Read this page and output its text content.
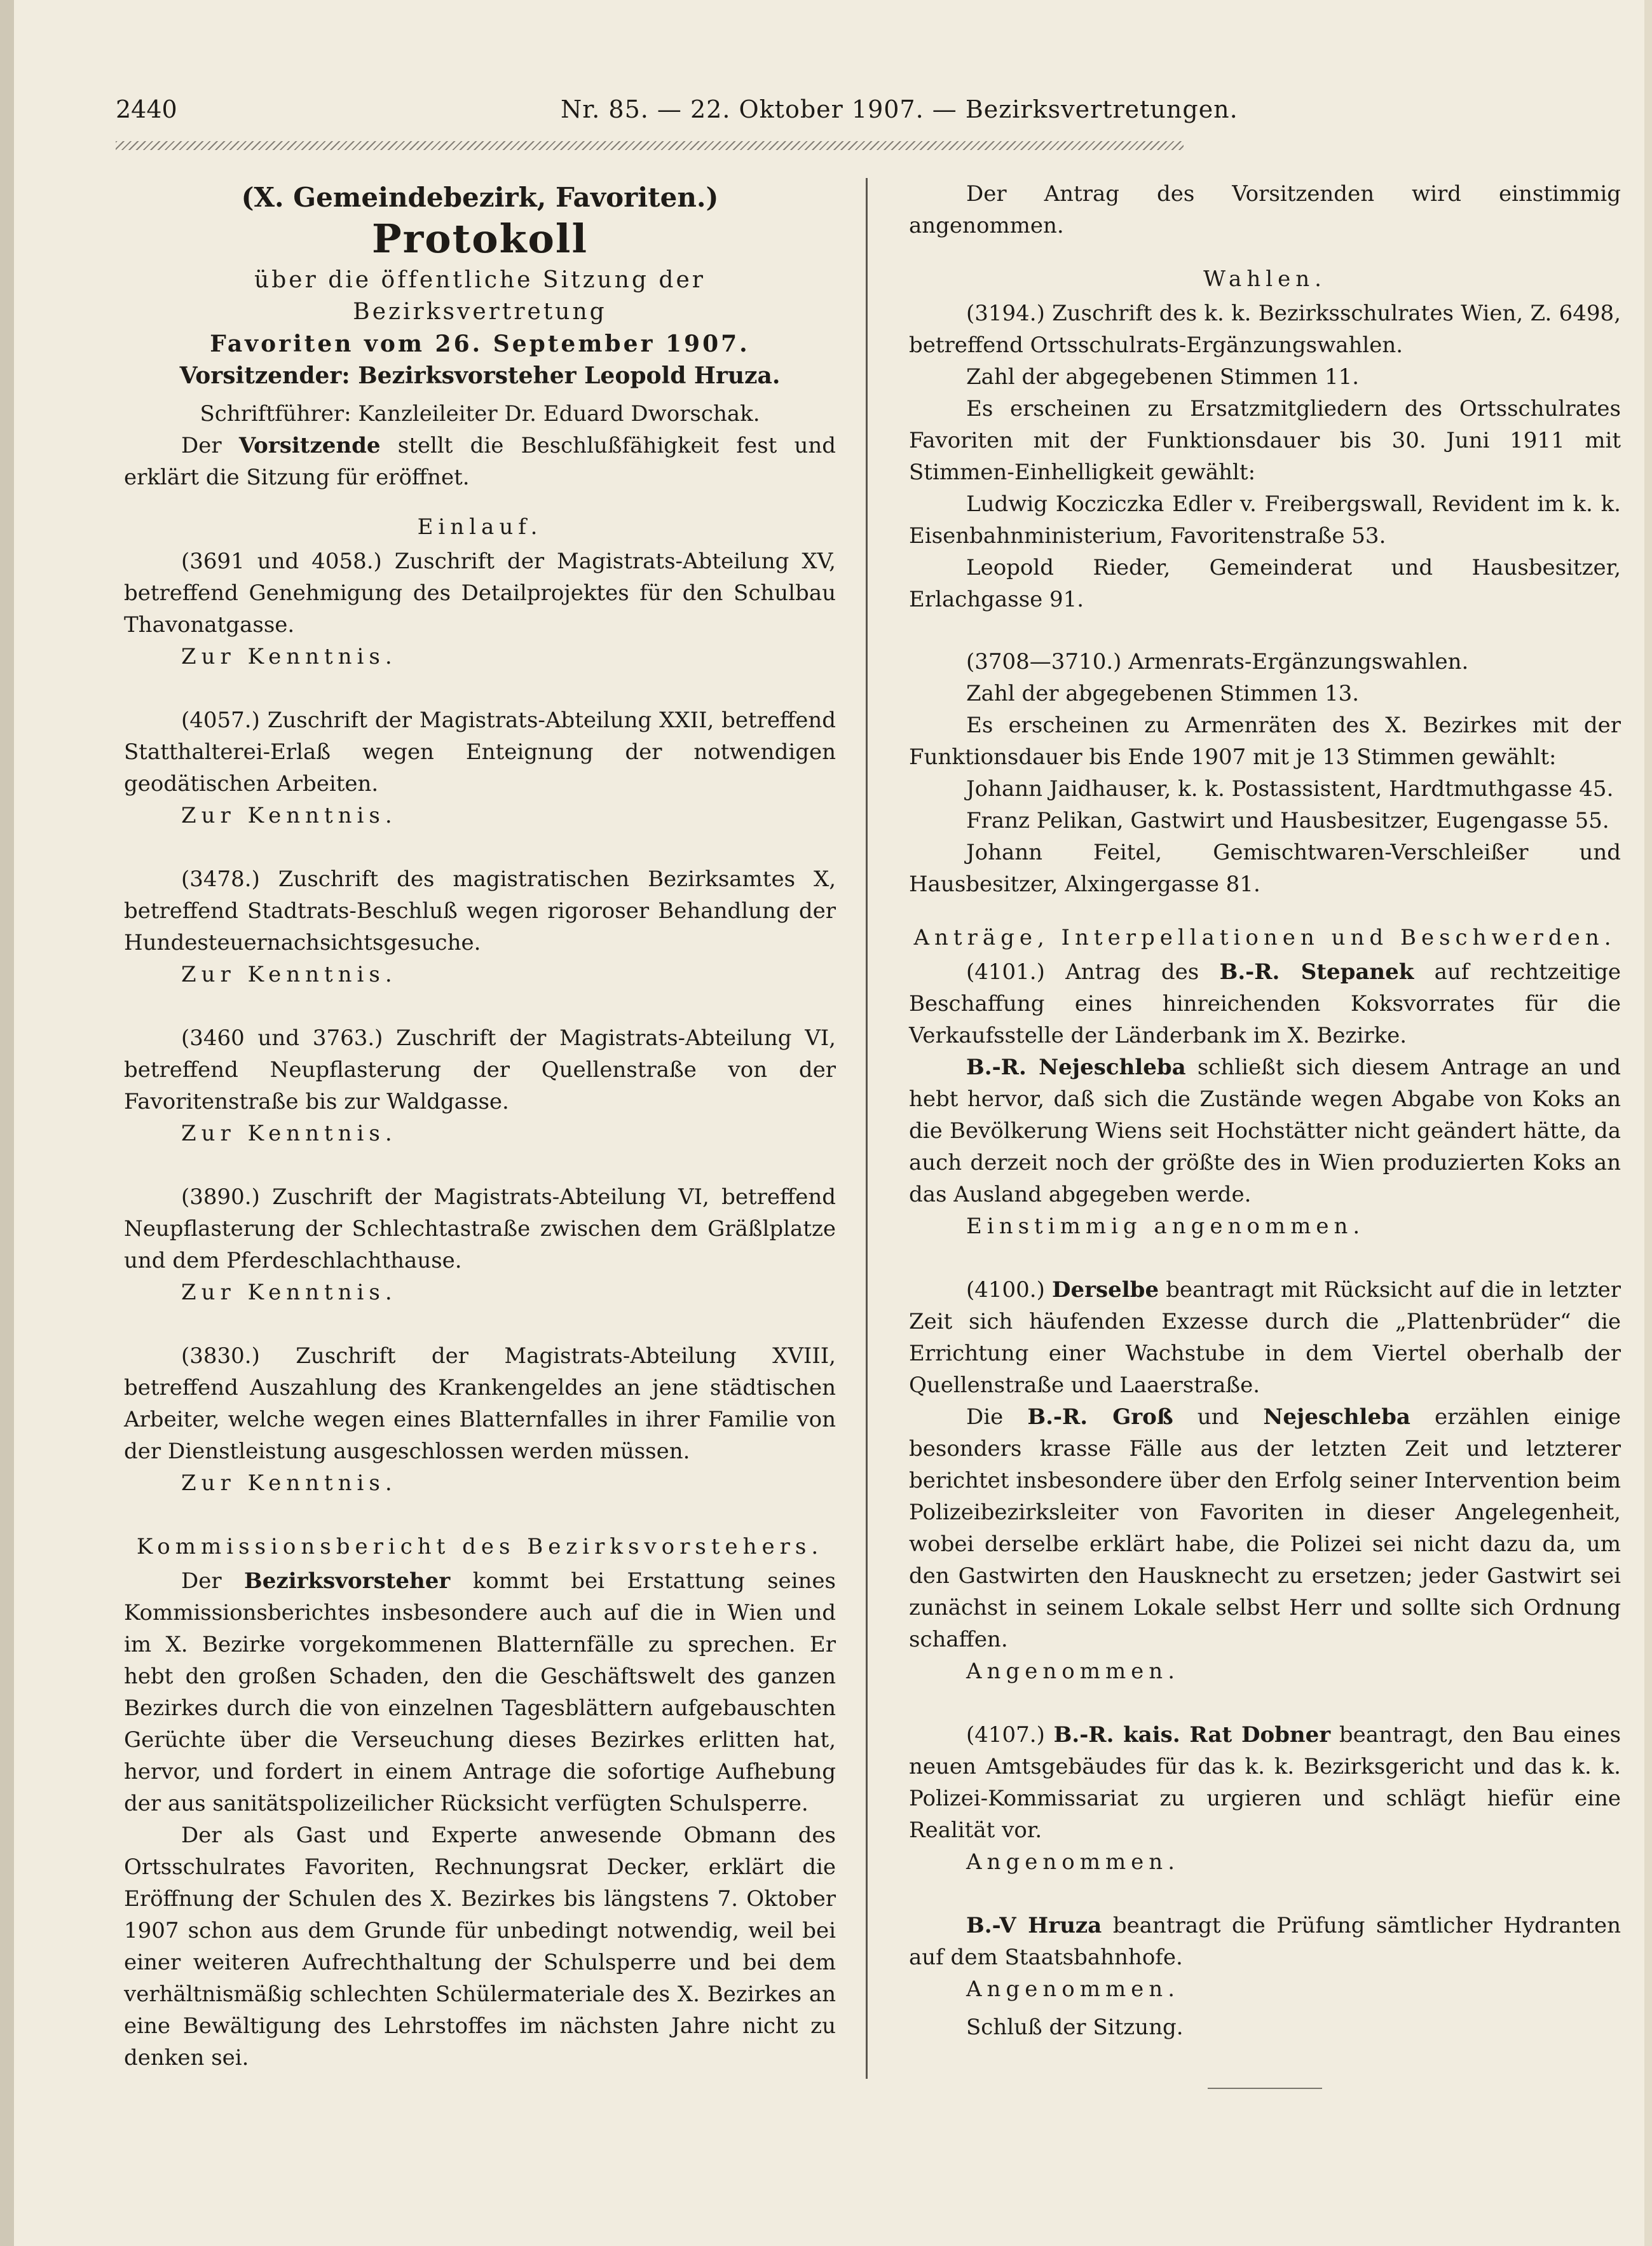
2440	Nr. 85. — 22. Oktober 1907. — Bezirksvertretungen.

(X. Gemeindebezirk, Favoriten.)

Protokoll

über die öffentliche Sitzung der Bezirksvertretung

Favoriten vom 26. September 1907.

Vorsitzender: Bezirksvorsteher Leopold Hruza.

Schriftführer: Kanzleileiter Dr. Eduard Dworschak.

Der Vorsitzende stellt die Beschlußfähigkeit fest und erklärt die Sitzung für eröffnet.

Einlauf.

(3691 und 4058.) Zuschrift der Magistrats-Abteilung XV, betreffend Genehmigung des Detailprojektes für den Schulbau Thavonatgasse.

Zur Kenntnis.

(4057.) Zuschrift der Magistrats-Abteilung XXII, betreffend Statthalterei-Erlaß wegen Enteignung der notwendigen geodätischen Arbeiten.

Zur Kenntnis.

(3478.) Zuschrift des magistratischen Bezirksamtes X, betreffend Stadtrats-Beschluß wegen rigoroser Behandlung der Hundesteuernachsichtsgesuche.

Zur Kenntnis.

(3460 und 3763.) Zuschrift der Magistrats-Abteilung VI, betreffend Neupflasterung der Quellenstraße von der Favoritenstraße bis zur Waldgasse.

Zur Kenntnis.

(3890.) Zuschrift der Magistrats-Abteilung VI, betreffend Neupflasterung der Schlechtastraße zwischen dem Gräßlplatze und dem Pferdeschlachthause.

Zur Kenntnis.

(3830.) Zuschrift der Magistrats-Abteilung XVIII, betreffend Auszahlung des Krankengeldes an jene städtischen Arbeiter, welche wegen eines Blatternfalles in ihrer Familie von der Dienstleistung ausgeschlossen werden müssen.

Zur Kenntnis.

Kommissionsbericht des Bezirksvorstehers.

Der Bezirksvorsteher kommt bei Erstattung seines Kommissionsberichtes insbesondere auch auf die in Wien und im X. Bezirke vorgekommenen Blatternfälle zu sprechen. Er hebt den großen Schaden, den die Geschäftswelt des ganzen Bezirkes durch die von einzelnen Tagesblättern aufgebauschten Gerüchte über die Verseuchung dieses Bezirkes erlitten hat, hervor, und fordert in einem Antrage die sofortige Aufhebung der aus sanitätspolizeilicher Rücksicht verfügten Schulsperre.

Der als Gast und Experte anwesende Obmann des Ortsschulrates Favoriten, Rechnungsrat Decker, erklärt die Eröffnung der Schulen des X. Bezirkes bis längstens 7. Oktober 1907 schon aus dem Grunde für unbedingt notwendig, weil bei einer weiteren Aufrechthaltung der Schulsperre und bei dem verhältnismäßig schlechten Schülermateriale des X. Bezirkes an eine Bewältigung des Lehrstoffes im nächsten Jahre nicht zu denken sei.

Der Antrag des Vorsitzenden wird einstimmig angenommen.

Wahlen.

(3194.) Zuschrift des k. k. Bezirksschulrates Wien, Z. 6498, betreffend Ortsschulrats-Ergänzungswahlen.

Zahl der abgegebenen Stimmen 11.

Es erscheinen zu Ersatzmitgliedern des Ortsschulrates Favoriten mit der Funktionsdauer bis 30. Juni 1911 mit Stimmen-Einhelligkeit gewählt:

Ludwig Kocziczka Edler v. Freibergswall, Revident im k. k. Eisenbahnministerium, Favoritenstraße 53.

Leopold Rieder, Gemeinderat und Hausbesitzer, Erlachgasse 91.

(3708—3710.) Armenrats-Ergänzungswahlen.

Zahl der abgegebenen Stimmen 13.

Es erscheinen zu Armenräten des X. Bezirkes mit der Funktionsdauer bis Ende 1907 mit je 13 Stimmen gewählt:

Johann Jaidhauser, k. k. Postassistent, Hardtmuthgasse 45.

Franz Pelikan, Gastwirt und Hausbesitzer, Eugengasse 55.

Johann Feitel, Gemischtwaren-Verschleißer und Hausbesitzer, Alxingergasse 81.

Anträge, Interpellationen und Beschwerden.

(4101.) Antrag des B.-R. Stepanek auf rechtzeitige Beschaffung eines hinreichenden Koksvorrates für die Verkaufsstelle der Länderbank im X. Bezirke.

B.-R. Nejeschleba schließt sich diesem Antrage an und hebt hervor, daß sich die Zustände wegen Abgabe von Koks an die Bevölkerung Wiens seit Hochstätter nicht geändert hätte, da auch derzeit noch der größte des in Wien produzierten Koks an das Ausland abgegeben werde.

Einstimmig angenommen.

(4100.) Derselbe beantragt mit Rücksicht auf die in letzter Zeit sich häufenden Exzesse durch die „Plattenbrüder“ die Errichtung einer Wachstube in dem Viertel oberhalb der Quellenstraße und Laaerstraße.

Die B.-R. Groß und Nejeschleba erzählen einige besonders krasse Fälle aus der letzten Zeit und letzterer berichtet insbesondere über den Erfolg seiner Intervention beim Polizeibezirksleiter von Favoriten in dieser Angelegenheit, wobei derselbe erklärt habe, die Polizei sei nicht dazu da, um den Gastwirten den Hausknecht zu ersetzen; jeder Gastwirt sei zunächst in seinem Lokale selbst Herr und sollte sich Ordnung schaffen.

Angenommen.

(4107.) B.-R. kais. Rat Dobner beantragt, den Bau eines neuen Amtsgebäudes für das k. k. Bezirksgericht und das k. k. Polizei-Kommissariat zu urgieren und schlägt hiefür eine Realität vor.

Angenommen.

B.-V Hruza beantragt die Prüfung sämtlicher Hydranten auf dem Staatsbahnhofe.

Angenommen.

Schluß der Sitzung.
